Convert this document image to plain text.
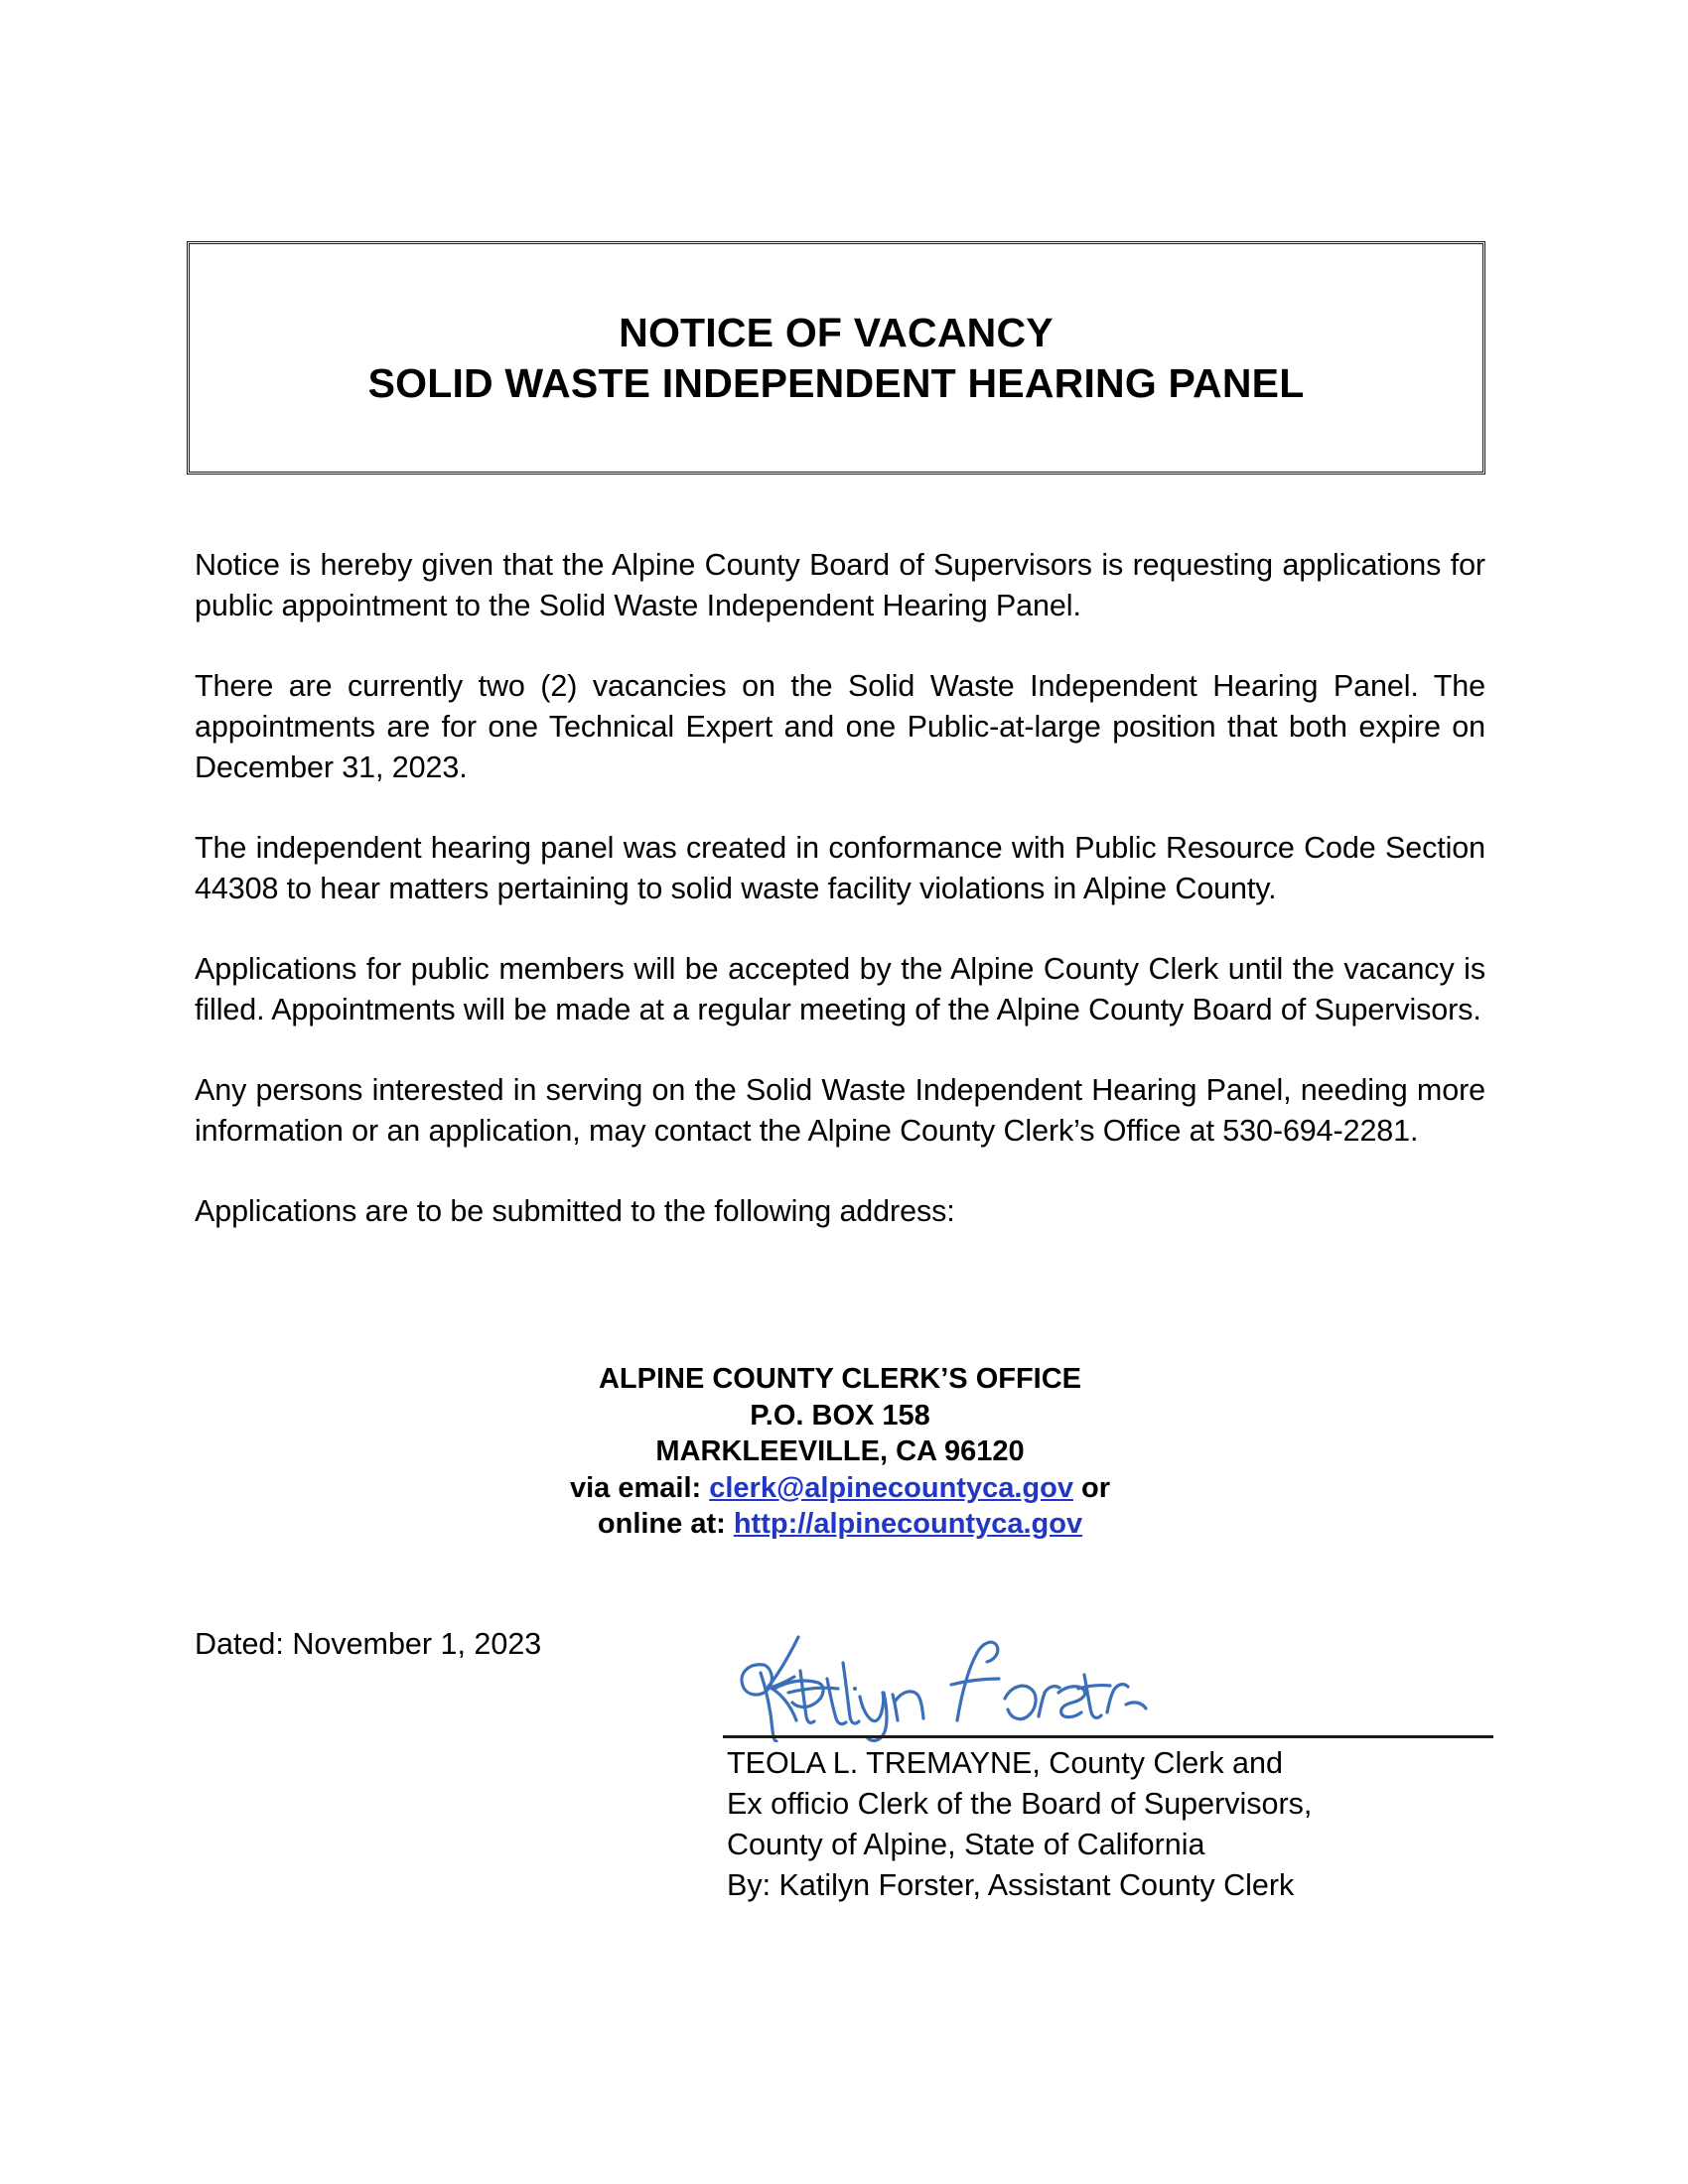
NOTICE OF VACANCY
SOLID WASTE INDEPENDENT HEARING PANEL

Notice is hereby given that the Alpine County Board of Supervisors is requesting applications for public appointment to the Solid Waste Independent Hearing Panel.

There are currently two (2) vacancies on the Solid Waste Independent Hearing Panel. The appointments are for one Technical Expert and one Public-at-large position that both expire on December 31, 2023.

The independent hearing panel was created in conformance with Public Resource Code Section 44308 to hear matters pertaining to solid waste facility violations in Alpine County.

Applications for public members will be accepted by the Alpine County Clerk until the vacancy is filled. Appointments will be made at a regular meeting of the Alpine County Board of Supervisors.

Any persons interested in serving on the Solid Waste Independent Hearing Panel, needing more information or an application, may contact the Alpine County Clerk’s Office at 530-694-2281.

Applications are to be submitted to the following address:

ALPINE COUNTY CLERK’S OFFICE
P.O. BOX 158
MARKLEEVILLE, CA 96120
via email: clerk@alpinecountyca.gov or
online at: http://alpinecountyca.gov
Dated: November 1, 2023
TEOLA L. TREMAYNE, County Clerk and
Ex officio Clerk of the Board of Supervisors,
County of Alpine, State of California
By: Katilyn Forster, Assistant County Clerk
